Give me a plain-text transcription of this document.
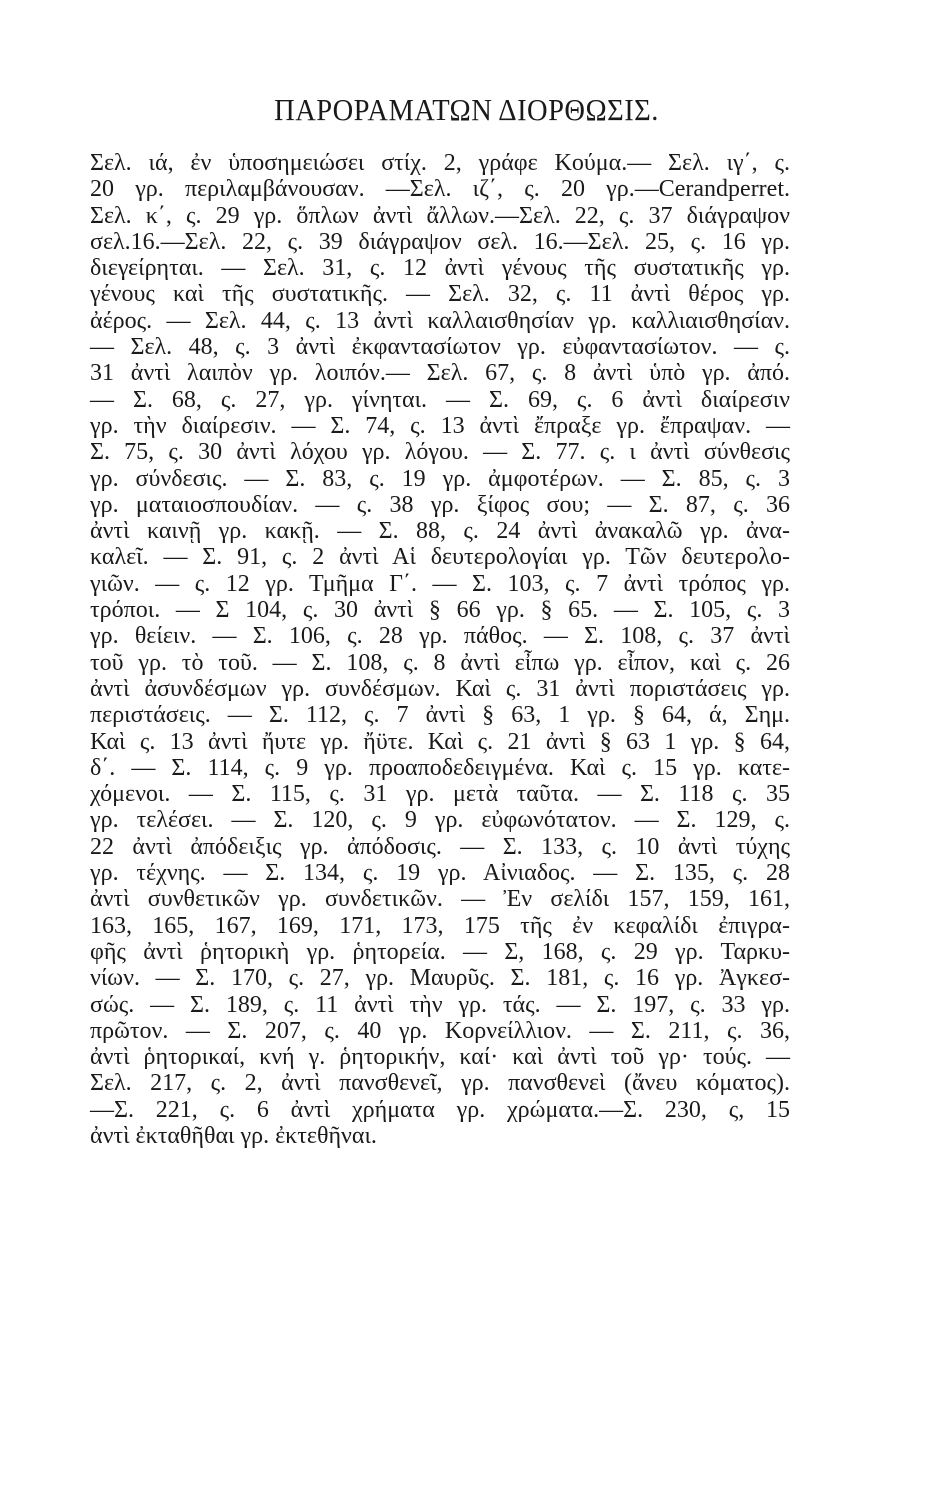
ΠΑΡΟΡΑΜΑΤΩΝ ΔΙΟΡΘΩΣΙΣ.
Σελ. ιά, ἐν ὑποσημειώσει στίχ. 2, γράφε Κούμα.— Σελ. ιγ΄, ς.
20 γρ. περιλαμβάνουσαν. —Σελ. ιζ΄, ς. 20 γρ.—Cerandperret.
Σελ. κ΄, ς. 29 γρ. ὅπλων ἀντὶ ἄλλων.—Σελ. 22, ς. 37 διάγραψον
σελ.16.—Σελ. 22, ς. 39 διάγραψον σελ. 16.—Σελ. 25, ς. 16 γρ.
διεγείρηται. — Σελ. 31, ς. 12 ἀντὶ γένους τῆς συστατικῆς γρ.
γένους καὶ τῆς συστατικῆς. — Σελ. 32, ς. 11 ἀντὶ θέρος γρ.
ἀέρος. — Σελ. 44, ς. 13 ἀντὶ καλλαισθησίαν γρ. καλλιαισθησίαν.
— Σελ. 48, ς. 3 ἀντὶ ἐκφαντασίωτον γρ. εὐφαντασίωτον. — ς.
31 ἀντὶ λαιπὸν γρ. λοιπόν.— Σελ. 67, ς. 8 ἀντὶ ὑπὸ γρ. ἀπό.
— Σ. 68, ς. 27, γρ. γίνηται. — Σ. 69, ς. 6 ἀντὶ διαίρεσιν
γρ. τὴν διαίρεσιν. — Σ. 74, ς. 13 ἀντὶ ἔπραξε γρ. ἔπραψαν. —
Σ. 75, ς. 30 ἀντὶ λόχου γρ. λόγου. — Σ. 77. ς. ι ἀντὶ σύνθεσις
γρ. σύνδεσις. — Σ. 83, ς. 19 γρ. ἀμφοτέρων. — Σ. 85, ς. 3
γρ. ματαιοσπουδίαν. — ς. 38 γρ. ξίφος σου; — Σ. 87, ς. 36
ἀντὶ καινῇ γρ. κακῇ. — Σ. 88, ς. 24 ἀντὶ ἀνακαλῶ γρ. ἀνα-
καλεῖ. — Σ. 91, ς. 2 ἀντὶ Αἱ δευτερολογίαι γρ. Τῶν δευτερολο-
γιῶν. — ς. 12 γρ. Τμῆμα Γ΄. — Σ. 103, ς. 7 ἀντὶ τρόπος γρ.
τρόποι. — Σ 104, ς. 30 ἀντὶ § 66 γρ. § 65. — Σ. 105, ς. 3
γρ. θείειν. — Σ. 106, ς. 28 γρ. πάθος. — Σ. 108, ς. 37 ἀντὶ
τοῦ γρ. τὸ τοῦ. — Σ. 108, ς. 8 ἀντὶ εἶπω γρ. εἶπον, καὶ ς. 26
ἀντὶ ἀσυνδέσμων γρ. συνδέσμων. Καὶ ς. 31 ἀντὶ ποριστάσεις γρ.
περιστάσεις. — Σ. 112, ς. 7 ἀντὶ § 63, 1 γρ. § 64, ά, Σημ.
Καὶ ς. 13 ἀντὶ ἤυτε γρ. ἤϋτε. Καὶ ς. 21 ἀντὶ § 63 1 γρ. § 64,
δ΄. — Σ. 114, ς. 9 γρ. προαποδεδειγμένα. Καὶ ς. 15 γρ. κατε-
χόμενοι. — Σ. 115, ς. 31 γρ. μετὰ ταῦτα. — Σ. 118 ς. 35
γρ. τελέσει. — Σ. 120, ς. 9 γρ. εὐφωνότατον. — Σ. 129, ς.
22 ἀντὶ ἀπόδειξις γρ. ἀπόδοσις. — Σ. 133, ς. 10 ἀντὶ τύχης
γρ. τέχνης. — Σ. 134, ς. 19 γρ. Αἰνιαδος. — Σ. 135, ς. 28
ἀντὶ συνθετικῶν γρ. συνδετικῶν. — Ἐν σελίδι 157, 159, 161,
163, 165, 167, 169, 171, 173, 175 τῆς ἐν κεφαλίδι ἐπιγρα-
φῆς ἀντὶ ῥητορικὴ γρ. ῥητορεία. — Σ, 168, ς. 29 γρ. Ταρκυ-
νίων. — Σ. 170, ς. 27, γρ. Μαυρῦς. Σ. 181, ς. 16 γρ. Ἀγκεσ-
σώς. — Σ. 189, ς. 11 ἀντὶ τὴν γρ. τάς. — Σ. 197, ς. 33 γρ.
πρῶτον. — Σ. 207, ς. 40 γρ. Κορνείλλιον. — Σ. 211, ς. 36,
ἀντὶ ῥητορικαί, κνή γ. ῥητορικήν, καί· καὶ ἀντὶ τοῦ γρ· τούς. —
Σελ. 217, ς. 2, ἀντὶ πανσθενεῖ, γρ. πανσθενεὶ (ἄνευ κόματος).
—Σ. 221, ς. 6 ἀντὶ χρήματα γρ. χρώματα.—Σ. 230, ς, 15
ἀντὶ ἐκταθῆθαι γρ. ἐκτεθῆναι.
